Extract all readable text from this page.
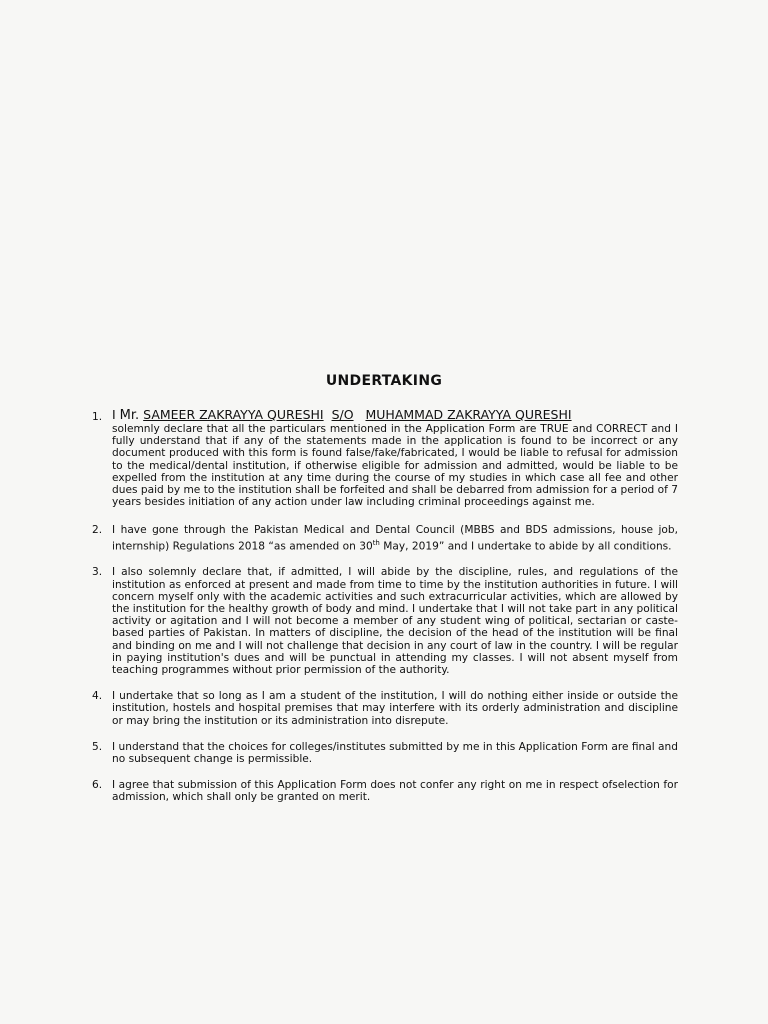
UNDERTAKING
1. I Mr. SAMEER ZAKRAYYA QURESHI S/O MUHAMMAD ZAKRAYYA QURESHI
solemnly declare that all the particulars mentioned in the Application Form are TRUE and CORRECT and I fully understand that if any of the statements made in the application is found to be incorrect or any document produced with this form is found false/fake/fabricated, I would be liable to refusal for admission to the medical/dental institution, if otherwise eligible for admission and admitted, would be liable to be expelled from the institution at any time during the course of my studies in which case all fee and other dues paid by me to the institution shall be forfeited and shall be debarred from admission for a period of 7 years besides initiation of any action under law including criminal proceedings against me.
2. I have gone through the Pakistan Medical and Dental Council (MBBS and BDS admissions, house job, internship) Regulations 2018 “as amended on 30th May, 2019” and I undertake to abide by all conditions.
3. I also solemnly declare that, if admitted, I will abide by the discipline, rules, and regulations of the institution as enforced at present and made from time to time by the institution authorities in future. I will concern myself only with the academic activities and such extracurricular activities, which are allowed by the institution for the healthy growth of body and mind. I undertake that I will not take part in any political activity or agitation and I will not become a member of any student wing of political, sectarian or caste-based parties of Pakistan. In matters of discipline, the decision of the head of the institution will be final and binding on me and I will not challenge that decision in any court of law in the country. I will be regular in paying institution's dues and will be punctual in attending my classes. I will not absent myself from teaching programmes without prior permission of the authority.
4. I undertake that so long as I am a student of the institution, I will do nothing either inside or outside the institution, hostels and hospital premises that may interfere with its orderly administration and discipline or may bring the institution or its administration into disrepute.
5. I understand that the choices for colleges/institutes submitted by me in this Application Form are final and no subsequent change is permissible.
6. I agree that submission of this Application Form does not confer any right on me in respect ofselection for admission, which shall only be granted on merit.
